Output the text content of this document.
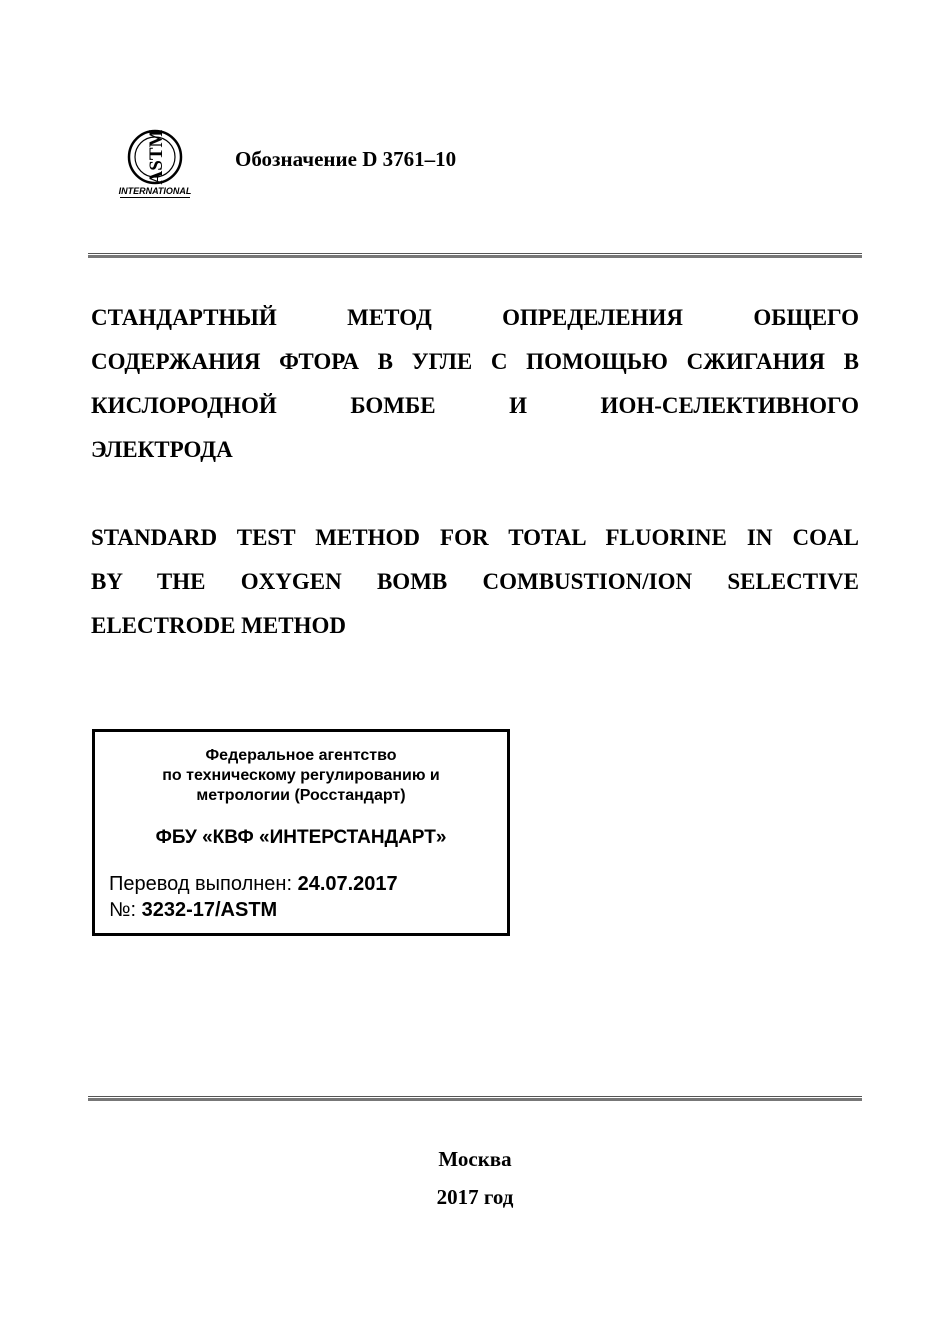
ASTM
INTERNATIONAL
Обозначение D 3761–10
СТАНДАРТНЫЙ МЕТОД ОПРЕДЕЛЕНИЯ ОБЩЕГО
СОДЕРЖАНИЯ ФТОРА В УГЛЕ С ПОМОЩЬЮ СЖИГАНИЯ В
КИСЛОРОДНОЙ БОМБЕ И ИОН-СЕЛЕКТИВНОГО
ЭЛЕКТРОДА
STANDARD TEST METHOD FOR TOTAL FLUORINE IN COAL
BY THE OXYGEN BOMB COMBUSTION/ION SELECTIVE
ELECTRODE METHOD
Федеральное агентство
по техническому регулированию и
метрологии (Росстандарт)
ФБУ «КВФ «ИНТЕРСТАНДАРТ»
Перевод выполнен: 24.07.2017
№: 3232-17/ASTM
Москва
2017 год
